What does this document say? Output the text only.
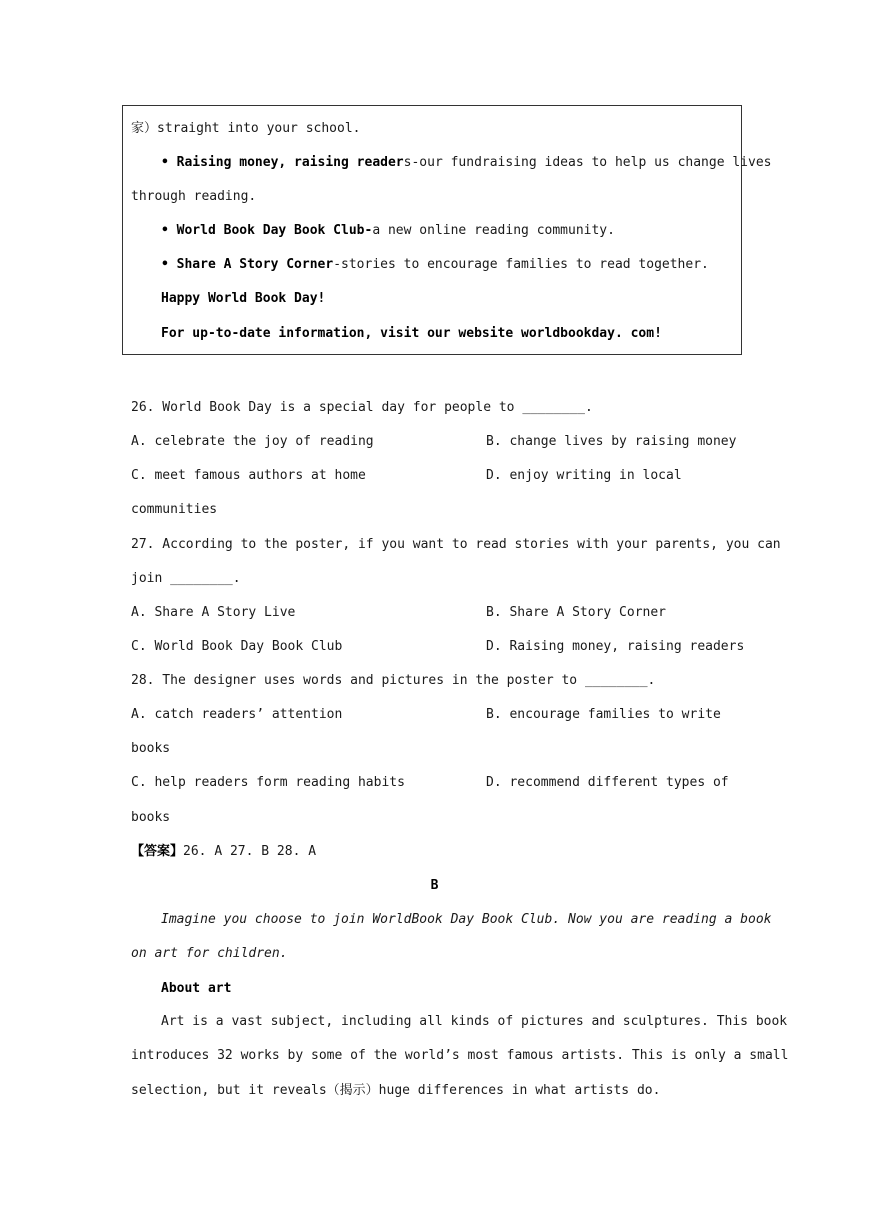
家）straight into your school.
• Raising money, raising readers-our fundraising ideas to help us change lives
through reading.
• World Book Day Book Club-a new online reading community.
• Share A Story Corner-stories to encourage families to read together.
Happy World Book Day!
For up-to-date information, visit our website worldbookday. com!
26. World Book Day is a special day for people to ________.
A. celebrate the joy of reading	B. change lives by raising money
C. meet famous authors at home	D. enjoy writing in local
communities
27. According to the poster, if you want to read stories with your parents, you can
join ________.
A. Share A Story Live	B. Share A Story Corner
C. World Book Day Book Club	D. Raising money, raising readers
28. The designer uses words and pictures in the poster to ________.
A. catch readers’ attention	B. encourage families to write
books
C. help readers form reading habits	D. recommend different types of
books
【答案】26. A 27. B 28. A
B
Imagine you choose to join WorldBook Day Book Club. Now you are reading a book
on art for children.
About art
Art is a vast subject, including all kinds of pictures and sculptures. This book
introduces 32 works by some of the world’s most famous artists. This is only a small
selection, but it reveals（揭示）huge differences in what artists do.
